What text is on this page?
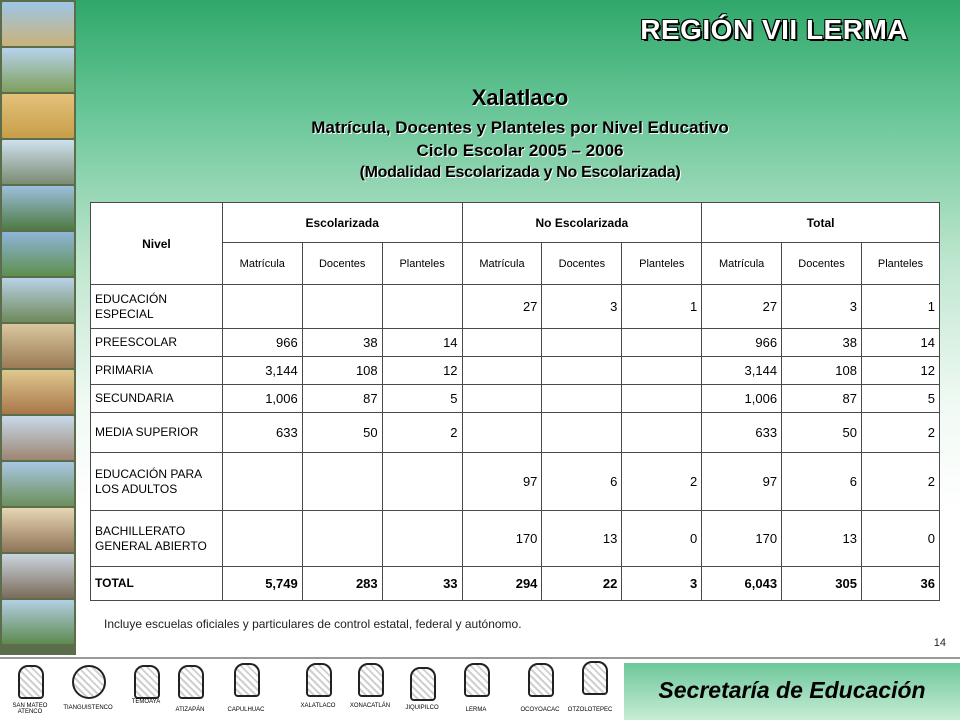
REGIÓN VII LERMA
Xalatlaco
Matrícula, Docentes y Planteles por Nivel Educativo
Ciclo Escolar 2005 – 2006
(Modalidad Escolarizada y No Escolarizada)
Nivel	Escolarizada			No Escolarizada			Total		
	Matrícula	Docentes	Planteles	Matrícula	Docentes	Planteles	Matrícula	Docentes	Planteles
EDUCACIÓN ESPECIAL				27	3	1	27	3	1
PREESCOLAR	966	38	14				966	38	14
PRIMARIA	3,144	108	12				3,144	108	12
SECUNDARIA	1,006	87	5				1,006	87	5
MEDIA SUPERIOR	633	50	2				633	50	2
EDUCACIÓN PARA LOS ADULTOS				97	6	2	97	6	2
BACHILLERATO GENERAL ABIERTO				170	13	0	170	13	0
TOTAL	5,749	283	33	294	22	3	6,043	305	36
Incluye escuelas oficiales y particulares de control estatal, federal y autónomo.
14
SAN MATEO ATENCO
TIANGUISTENCO
TEMOAYA
ATIZAPÁN	CAPULHUAC
XALATLACO	XONACATLÁN	JIQUIPILCO	LERMA	OCOYOACAC	OTZOLOTEPEC
Secretaría de Educación
